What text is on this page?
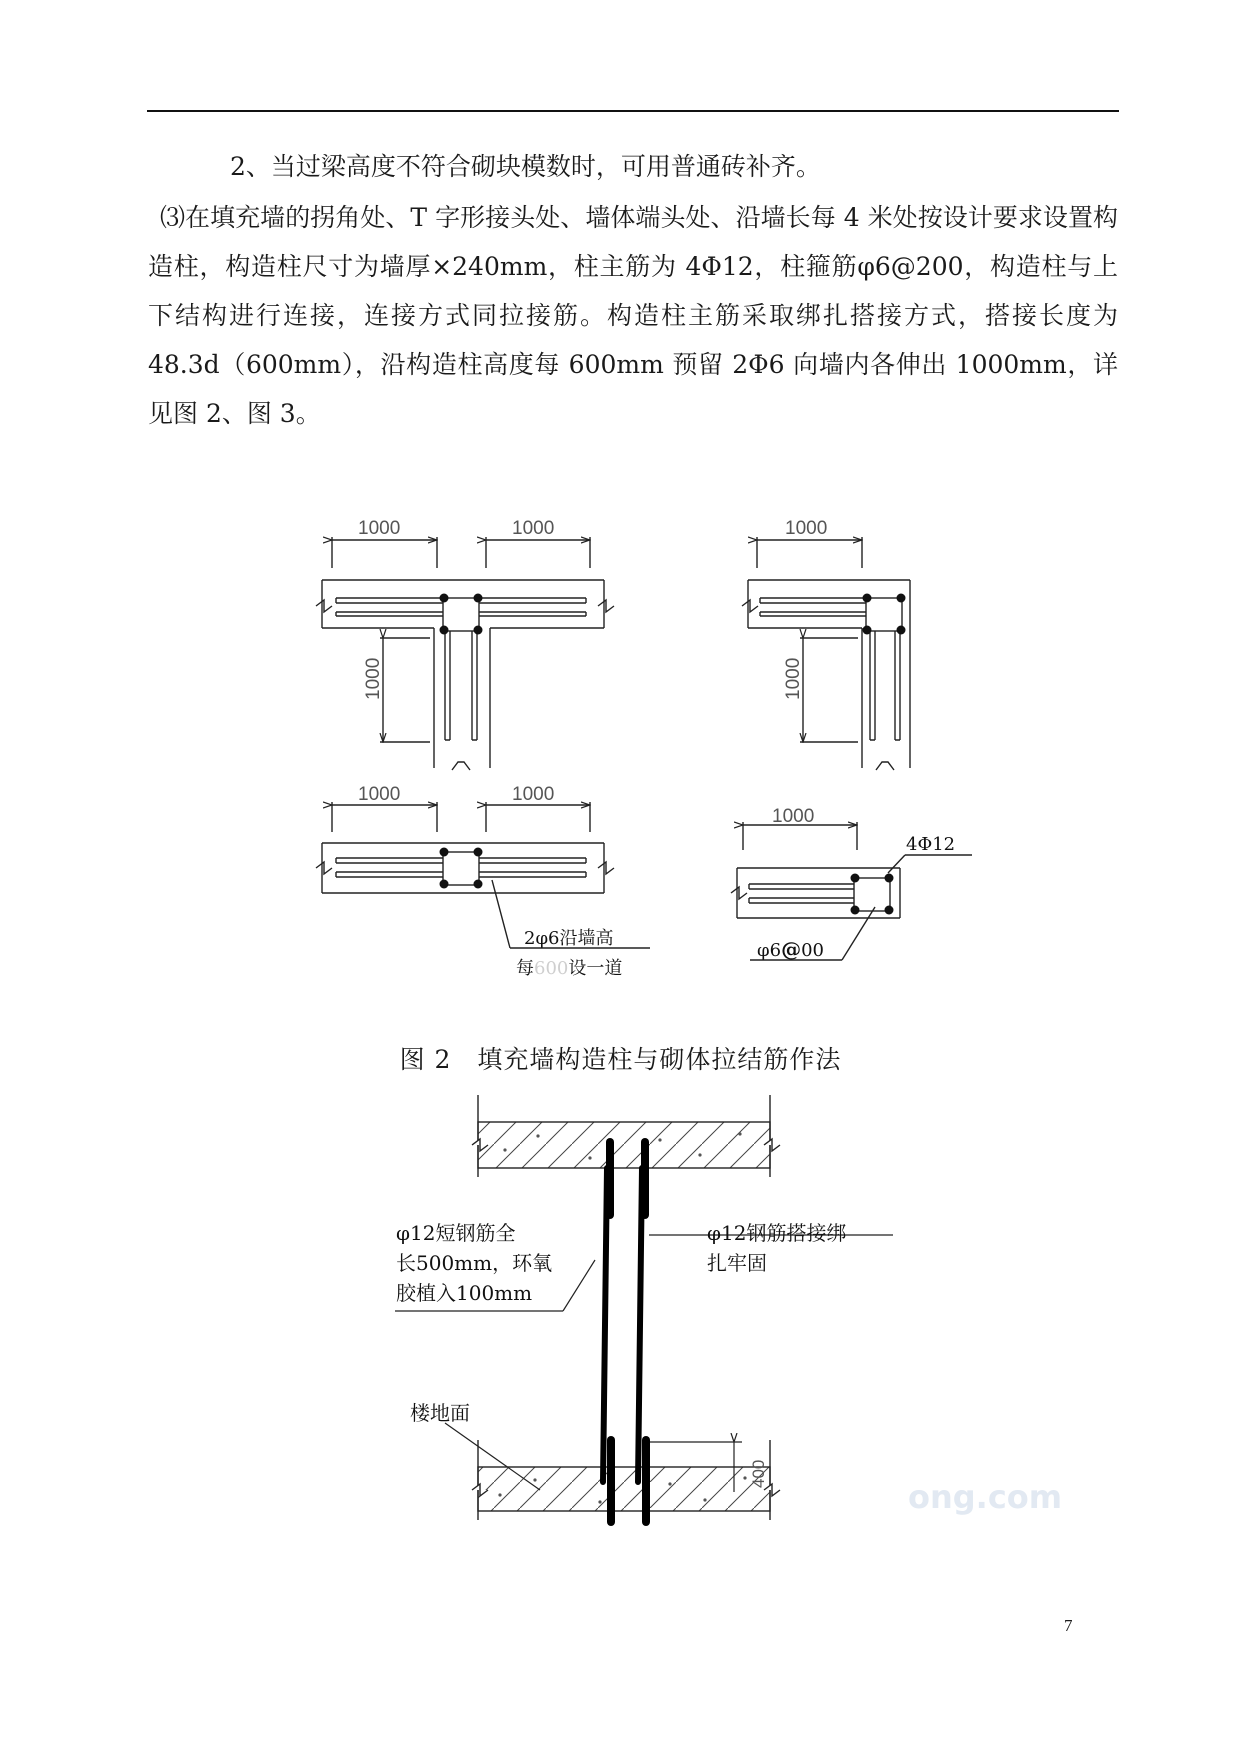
2、当过梁高度不符合砌块模数时，可用普通砖补齐。

⑶在填充墙的拐角处、T 字形接头处、墙体端头处、沿墙长每 4 米处按设计要求设置构造柱，构造柱尺寸为墙厚×240mm，柱主筋为 4Φ12，柱箍筋φ6@200，构造柱与上下结构进行连接，连接方式同拉接筋。构造柱主筋采取绑扎搭接方式，搭接长度为 48.3d（600mm），沿构造柱高度每 600mm 预留 2Φ6 向墙内各伸出 1000mm，详见图 2、图 3。

1000	1000
1000
1000
1000
1000	1000
2φ6沿墙高
每600设一道
1000
4Φ12
φ6@00
图 2　填充墙构造柱与砌体拉结筋作法
400
φ12短钢筋全
长500mm，环氧
胶植入100mm
φ12钢筋搭接绑
扎牢固
楼地面
ong.com
7
